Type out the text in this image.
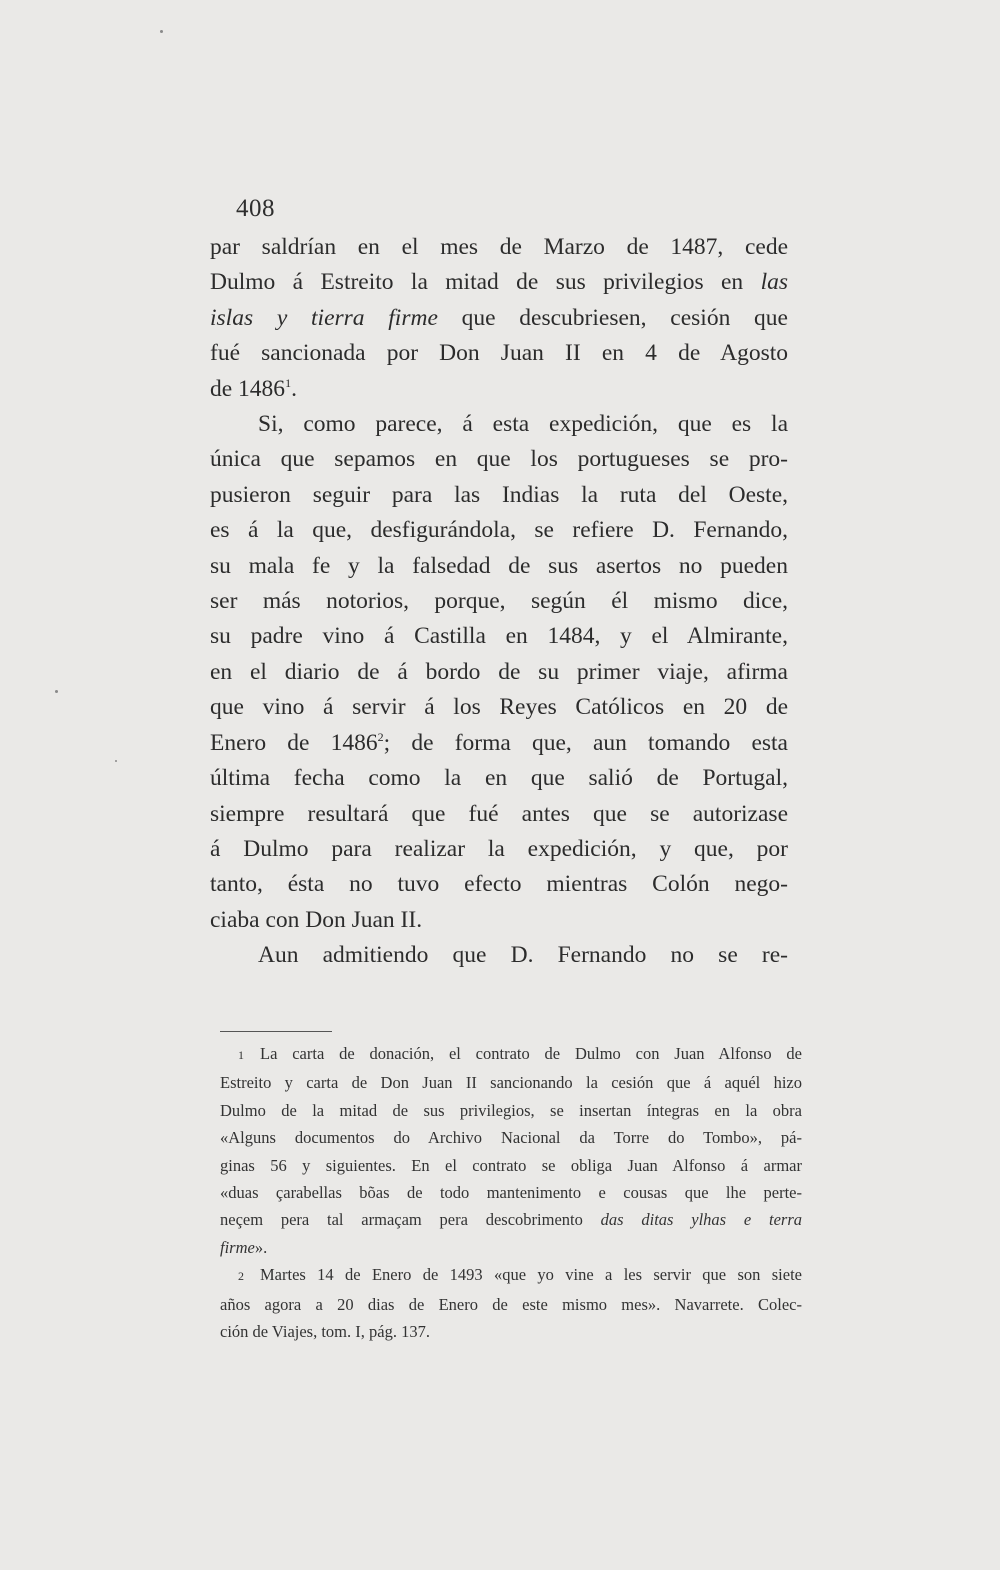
408
par saldrían en el mes de Marzo de 1487, cede
Dulmo á Estreito la mitad de sus privilegios en las
islas y tierra firme que descubriesen, cesión que
fué sancionada por Don Juan II en 4 de Agosto
de 1486$^1$.
Si, como parece, á esta expedición, que es la
única que sepamos en que los portugueses se pro-
pusieron seguir para las Indias la ruta del Oeste,
es á la que, desfigurándola, se refiere D. Fernando,
su mala fe y la falsedad de sus asertos no pueden
ser más notorios, porque, según él mismo dice,
su padre vino á Castilla en 1484, y el Almirante,
en el diario de á bordo de su primer viaje, afirma
que vino á servir á los Reyes Católicos en 20 de
Enero de 1486$^2$; de forma que, aun tomando esta
última fecha como la en que salió de Portugal,
siempre resultará que fué antes que se autorizase
á Dulmo para realizar la expedición, y que, por
tanto, ésta no tuvo efecto mientras Colón nego-
ciaba con Don Juan II.
Aun admitiendo que D. Fernando no se re-
1 La carta de donación, el contrato de Dulmo con Juan Alfonso de
Estreito y carta de Don Juan II sancionando la cesión que á aquél hizo
Dulmo de la mitad de sus privilegios, se insertan íntegras en la obra
«Alguns documentos do Archivo Nacional da Torre do Tombo», pá-
ginas 56 y siguientes. En el contrato se obliga Juan Alfonso á armar
«duas çarabellas bõas de todo mantenimento e cousas que lhe perte-
neçem pera tal armaçam pera descobrimento das ditas ylhas e terra
firme».
2 Martes 14 de Enero de 1493 «que yo vine a les servir que son siete
años agora a 20 dias de Enero de este mismo mes». Navarrete. Colec-
ción de Viajes, tom. I, pág. 137.
